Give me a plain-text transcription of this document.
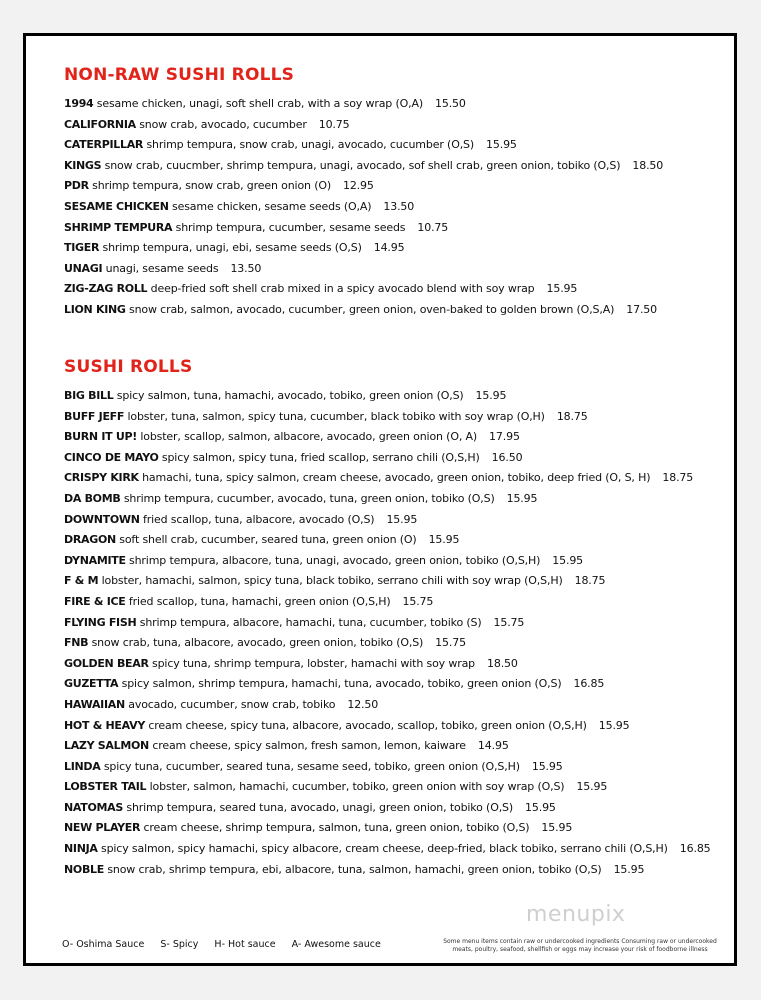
NON-RAW SUSHI ROLLS
1994 sesame chicken, unagi, soft shell crab, with a soy wrap (O,A) 15.50
CALIFORNIA snow crab, avocado, cucumber 10.75
CATERPILLAR shrimp tempura, snow crab, unagi, avocado, cucumber (O,S) 15.95
KINGS snow crab, cuucmber, shrimp tempura, unagi, avocado, sof shell crab, green onion, tobiko (O,S) 18.50
PDR shrimp tempura, snow crab, green onion (O) 12.95
SESAME CHICKEN sesame chicken, sesame seeds (O,A) 13.50
SHRIMP TEMPURA shrimp tempura, cucumber, sesame seeds 10.75
TIGER shrimp tempura, unagi, ebi, sesame seeds (O,S) 14.95
UNAGI unagi, sesame seeds 13.50
ZIG-ZAG ROLL deep-fried soft shell crab mixed in a spicy avocado blend with soy wrap 15.95
LION KING snow crab, salmon, avocado, cucumber, green onion, oven-baked to golden brown (O,S,A) 17.50
SUSHI ROLLS
BIG BILL spicy salmon, tuna, hamachi, avocado, tobiko, green onion (O,S) 15.95
BUFF JEFF lobster, tuna, salmon, spicy tuna, cucumber, black tobiko with soy wrap (O,H) 18.75
BURN IT UP! lobster, scallop, salmon, albacore, avocado, green onion (O, A) 17.95
CINCO DE MAYO spicy salmon, spicy tuna, fried scallop, serrano chili (O,S,H) 16.50
CRISPY KIRK hamachi, tuna, spicy salmon, cream cheese, avocado, green onion, tobiko, deep fried (O, S, H) 18.75
DA BOMB shrimp tempura, cucumber, avocado, tuna, green onion, tobiko (O,S) 15.95
DOWNTOWN fried scallop, tuna, albacore, avocado (O,S) 15.95
DRAGON soft shell crab, cucumber, seared tuna, green onion (O) 15.95
DYNAMITE shrimp tempura, albacore, tuna, unagi, avocado, green onion, tobiko (O,S,H) 15.95
F & M lobster, hamachi, salmon, spicy tuna, black tobiko, serrano chili with soy wrap (O,S,H) 18.75
FIRE & ICE fried scallop, tuna, hamachi, green onion (O,S,H) 15.75
FLYING FISH shrimp tempura, albacore, hamachi, tuna, cucumber, tobiko (S) 15.75
FNB snow crab, tuna, albacore, avocado, green onion, tobiko (O,S) 15.75
GOLDEN BEAR spicy tuna, shrimp tempura, lobster, hamachi with soy wrap 18.50
GUZETTA spicy salmon, shrimp tempura, hamachi, tuna, avocado, tobiko, green onion (O,S) 16.85
HAWAIIAN avocado, cucumber, snow crab, tobiko 12.50
HOT & HEAVY cream cheese, spicy tuna, albacore, avocado, scallop, tobiko, green onion (O,S,H) 15.95
LAZY SALMON cream cheese, spicy salmon, fresh samon, lemon, kaiware 14.95
LINDA spicy tuna, cucumber, seared tuna, sesame seed, tobiko, green onion (O,S,H) 15.95
LOBSTER TAIL lobster, salmon, hamachi, cucumber, tobiko, green onion with soy wrap (O,S) 15.95
NATOMAS shrimp tempura, seared tuna, avocado, unagi, green onion, tobiko (O,S) 15.95
NEW PLAYER cream cheese, shrimp tempura, salmon, tuna, green onion, tobiko (O,S) 15.95
NINJA spicy salmon, spicy hamachi, spicy albacore, cream cheese, deep-fried, black tobiko, serrano chili (O,S,H) 16.85
NOBLE snow crab, shrimp tempura, ebi, albacore, tuna, salmon, hamachi, green onion, tobiko (O,S) 15.95
menupix
O- Oshima Sauce S- Spicy H- Hot sauce A- Awesome sauce	Some menu items contain raw or undercooked ingredients Consuming raw or undercooked meats, poultry, seafood, shellfish or eggs may increase your risk of foodborne illness
